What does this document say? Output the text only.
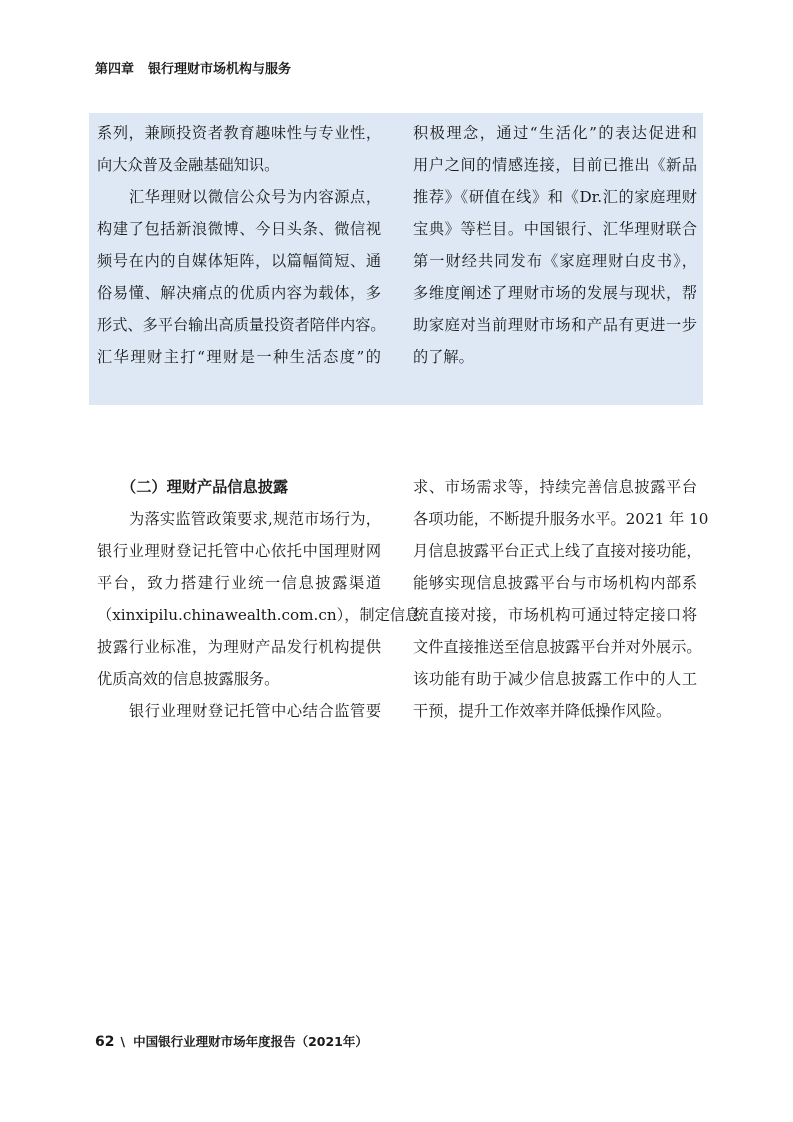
第四章 银行理财市场机构与服务
系列，兼顾投资者教育趣味性与专业性，
向大众普及金融基础知识。
汇华理财以微信公众号为内容源点，
构建了包括新浪微博、今日头条、微信视
频号在内的自媒体矩阵，以篇幅简短、通
俗易懂、解决痛点的优质内容为载体，多
形式、多平台输出高质量投资者陪伴内容。
汇华理财主打“理财是一种生活态度”的
积极理念，通过“生活化”的表达促进和
用户之间的情感连接，目前已推出《新品
推荐》《研值在线》和《Dr.汇的家庭理财
宝典》等栏目。中国银行、汇华理财联合
第一财经共同发布《家庭理财白皮书》，
多维度阐述了理财市场的发展与现状，帮
助家庭对当前理财市场和产品有更进一步
的了解。
（二）理财产品信息披露
为落实监管政策要求,规范市场行为，
银行业理财登记托管中心依托中国理财网
平台，致力搭建行业统一信息披露渠道
（xinxipilu.chinawealth.com.cn），制定信息
披露行业标准，为理财产品发行机构提供
优质高效的信息披露服务。
银行业理财登记托管中心结合监管要
求、市场需求等，持续完善信息披露平台
各项功能，不断提升服务水平。2021 年 10
月信息披露平台正式上线了直接对接功能，
能够实现信息披露平台与市场机构内部系
统直接对接，市场机构可通过特定接口将
文件直接推送至信息披露平台并对外展示。
该功能有助于减少信息披露工作中的人工
干预，提升工作效率并降低操作风险。
62 \ 中国银行业理财市场年度报告（2021年）
